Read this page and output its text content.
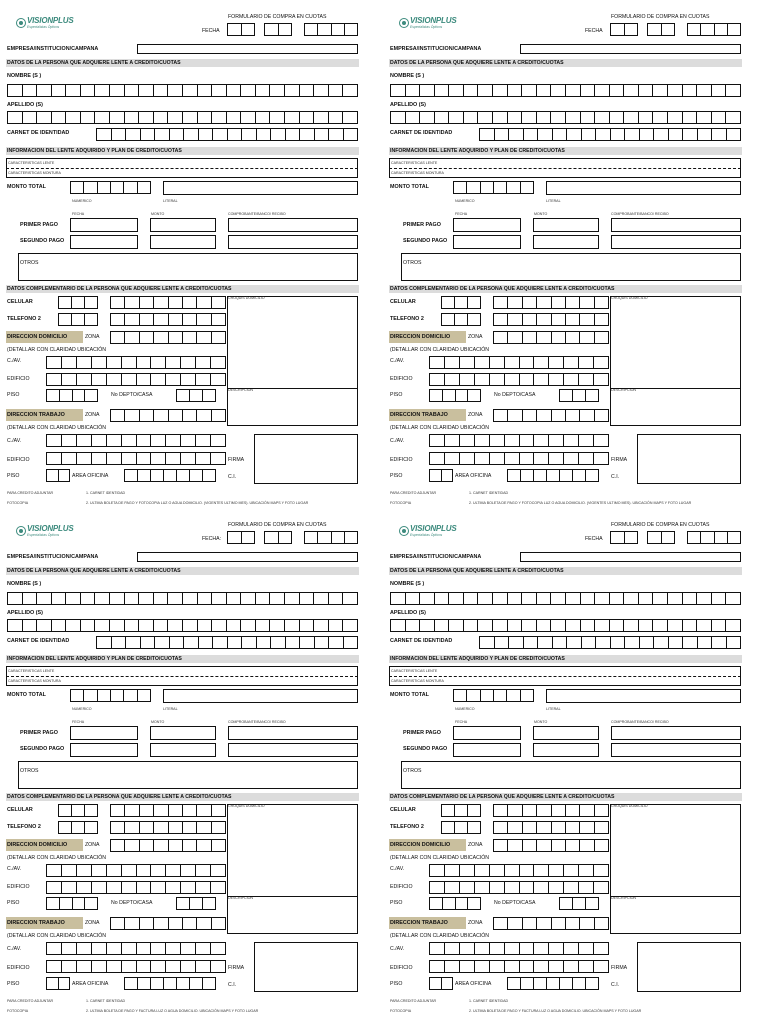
VISIONPLUS
Especialistas Ópticos
FORMULARIO DE COMPRA EN CUOTAS
FECHA
EMPRESA/INSTITUCION/CAMPANA
DATOS DE LA PERSONA QUE ADQUIERE LENTE A CREDITO/CUOTAS
NOMBRE (S )
APELLIDO (S)
CARNET DE IDENTIDAD
INFORMACION DEL LENTE ADQUIRIDO Y PLAN DE CREDITO/CUOTAS
CARACTERISTICAS LENTE
CARACTERISTICAS MONTURA
MONTO TOTAL
NUMERICO	LITERAL
FECHA	MONTO	COMPROBANTE/BANCO/ RECIBO
PRIMER PAGO
SEGUNDO PAGO
OTROS
DATOS COMPLEMENTARIO DE LA PERSONA QUE ADQUIERE LENTE A CREDITO/CUOTAS
CELULAR
TELEFONO 2
CROQUIS DOMICILIO
DESCRIPCION
DIRECCION DOMICILIO	ZONA
(DETALLAR CON CLARIDAD UBICACIÓN
C./AV.
EDIFICIO
PISO	No DEPTO/CASA
DIRECCION TRABAJO	ZONA
(DETALLAR CON CLARIDAD UBICACIÓN
C./AV.
EDIFICIO
PISO	AREA OFICINA
FIRMA
C.I.
PARA CREDITO ADJUNTAR
FOTOCOPIA
1. CARNET IDENTIDAD
2. ULTIMA BOLETA DE PAGO Y FOTOCOPIA LUZ O AGUA DOMICILIO. (VIGENTES ULTIMO MES). UBICACIÓN MAPS Y FOTO LUGAR
VISIONPLUS
Especialistas Ópticos
FORMULARIO DE COMPRA EN CUOTAS
FECHA
EMPRESA/INSTITUCION/CAMPANA
DATOS DE LA PERSONA QUE ADQUIERE LENTE A CREDITO/CUOTAS
NOMBRE (S )
APELLIDO (S)
CARNET DE IDENTIDAD
INFORMACION DEL LENTE ADQUIRIDO Y PLAN DE CREDITO/CUOTAS
CARACTERISTICAS LENTE
CARACTERISTICAS MONTURA
MONTO TOTAL
NUMERICO	LITERAL
FECHA	MONTO	COMPROBANTE/BANCO/ RECIBO
PRIMER PAGO
SEGUNDO PAGO
OTROS
DATOS COMPLEMENTARIO DE LA PERSONA QUE ADQUIERE LENTE A CREDITO/CUOTAS
CELULAR
TELEFONO 2
CROQUIS DOMICILIO
DESCRIPCION
DIRECCION DOMICILIO	ZONA
(DETALLAR CON CLARIDAD UBICACIÓN
C./AV.
EDIFICIO
PISO	No DEPTO/CASA
DIRECCION TRABAJO	ZONA
(DETALLAR CON CLARIDAD UBICACIÓN
C./AV.
EDIFICIO
PISO	AREA OFICINA
FIRMA
C.I.
PARA CREDITO ADJUNTAR
FOTOCOPIA
1. CARNET IDENTIDAD
2. ULTIMA BOLETA DE PAGO Y FOTOCOPIA LUZ O AGUA DOMICILIO. (VIGENTES ULTIMO MES). UBICACIÓN MAPS Y FOTO LUGAR
VISIONPLUS
Especialistas Ópticos
FORMULARIO DE COMPRA EN CUOTAS
FECHA:
EMPRESA/INSTITUCION/CAMPANA
DATOS DE LA PERSONA QUE ADQUIERE LENTE A CREDITO/CUOTAS
NOMBRE (S )
APELLIDO (S)
CARNET DE IDENTIDAD
INFORMACION DEL LENTE ADQUIRIDO Y PLAN DE CREDITO/CUOTAS
CARACTERISTICAS LENTE
CARACTERISTICAS MONTURA
MONTO TOTAL
NUMERICO	LITERAL
FECHA	MONTO	COMPROBANTE/BANCO/ RECIBO
PRIMER PAGO
SEGUNDO PAGO
OTROS
DATOS COMPLEMENTARIO DE LA PERSONA QUE ADQUIERE LENTE A CREDITO/CUOTAS
CELULAR
TELEFONO 2
CROQUIS DOMICILIO
DESCRIPCION
DIRECCION DOMICILIO	ZONA
(DETALLAR CON CLARIDAD UBICACIÓN
C./AV.
EDIFICIO
PISO	No DEPTO/CASA
DIRECCION TRABAJO	ZONA
(DETALLAR CON CLARIDAD UBICACIÓN
C./AV.
EDIFICIO
PISO	AREA OFICINA
FIRMA
C.I.
PARA CREDITO ADJUNTAR
FOTOCOPIA
1. CARNET IDENTIDAD
2. ULTIMA BOLETA DE PAGO Y FACTURA LUZ O AGUA DOMICILIO. UBICACIÓN MAPS Y FOTO LUGAR
VISIONPLUS
Especialistas Ópticos
FORMULARIO DE COMPRA EN CUOTAS
FECHA
EMPRESA/INSTITUCION/CAMPANA
DATOS DE LA PERSONA QUE ADQUIERE LENTE A CREDITO/CUOTAS
NOMBRE (S )
APELLIDO (S)
CARNET DE IDENTIDAD
INFORMACION DEL LENTE ADQUIRIDO Y PLAN DE CREDITO/CUOTAS
CARACTERISTICAS LENTE
CARACTERISTICAS MONTURA
MONTO TOTAL
NUMERICO	LITERAL
FECHA	MONTO	COMPROBANTE/BANCO/ RECIBO
PRIMER PAGO
SEGUNDO PAGO
OTROS
DATOS COMPLEMENTARIO DE LA PERSONA QUE ADQUIERE LENTE A CREDITO/CUOTAS
CELULAR
TELEFONO 2
CROQUIS DOMICILIO
DESCRIPCION
DIRECCION DOMICILIO	ZONA
(DETALLAR CON CLARIDAD UBICACIÓN
C./AV.
EDIFICIO
PISO	No DEPTO/CASA
DIRECCION TRABAJO	ZONA
(DETALLAR CON CLARIDAD UBICACIÓN
C./AV.
EDIFICIO
PISO	AREA OFICINA
FIRMA
C.I.
PARA CREDITO ADJUNTAR
FOTOCOPIA
1. CARNET IDENTIDAD
2. ULTIMA BOLETA DE PAGO Y FACTURA LUZ O AGUA DOMICILIO. UBICACIÓN MAPS Y FOTO LUGAR
